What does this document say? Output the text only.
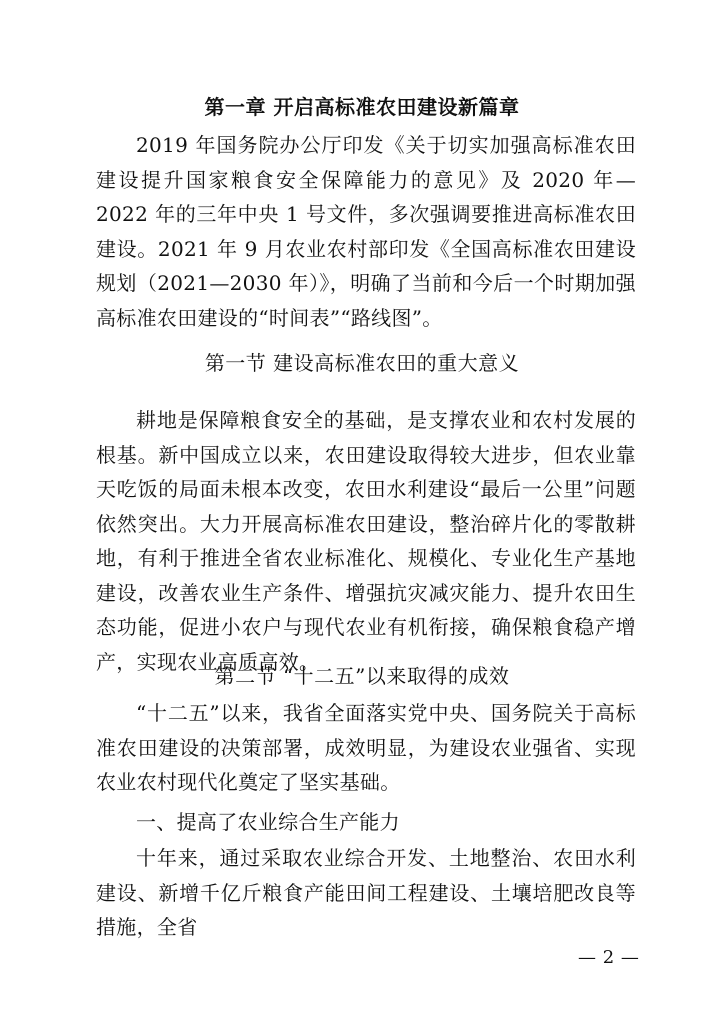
第一章 开启高标准农田建设新篇章

2019 年国务院办公厅印发《关于切实加强高标准农田建设提升国家粮食安全保障能力的意见》及 2020 年—2022 年的三年中央 1 号文件，多次强调要推进高标准农田建设。2021 年 9 月农业农村部印发《全国高标准农田建设规划（2021—2030 年）》，明确了当前和今后一个时期加强高标准农田建设的“时间表”“路线图”。

第一节 建设高标准农田的重大意义

耕地是保障粮食安全的基础，是支撑农业和农村发展的根基。新中国成立以来，农田建设取得较大进步，但农业靠天吃饭的局面未根本改变，农田水利建设“最后一公里”问题依然突出。大力开展高标准农田建设，整治碎片化的零散耕地，有利于推进全省农业标准化、规模化、专业化生产基地建设，改善农业生产条件、增强抗灾减灾能力、提升农田生态功能，促进小农户与现代农业有机衔接，确保粮食稳产增产，实现农业高质高效。

第二节 “十二五”以来取得的成效

“十二五”以来，我省全面落实党中央、国务院关于高标准农田建设的决策部署，成效明显，为建设农业强省、实现农业农村现代化奠定了坚实基础。

一、提高了农业综合生产能力

十年来，通过采取农业综合开发、土地整治、农田水利建设、新增千亿斤粮食产能田间工程建设、土壤培肥改良等措施，全省

— 2 —
